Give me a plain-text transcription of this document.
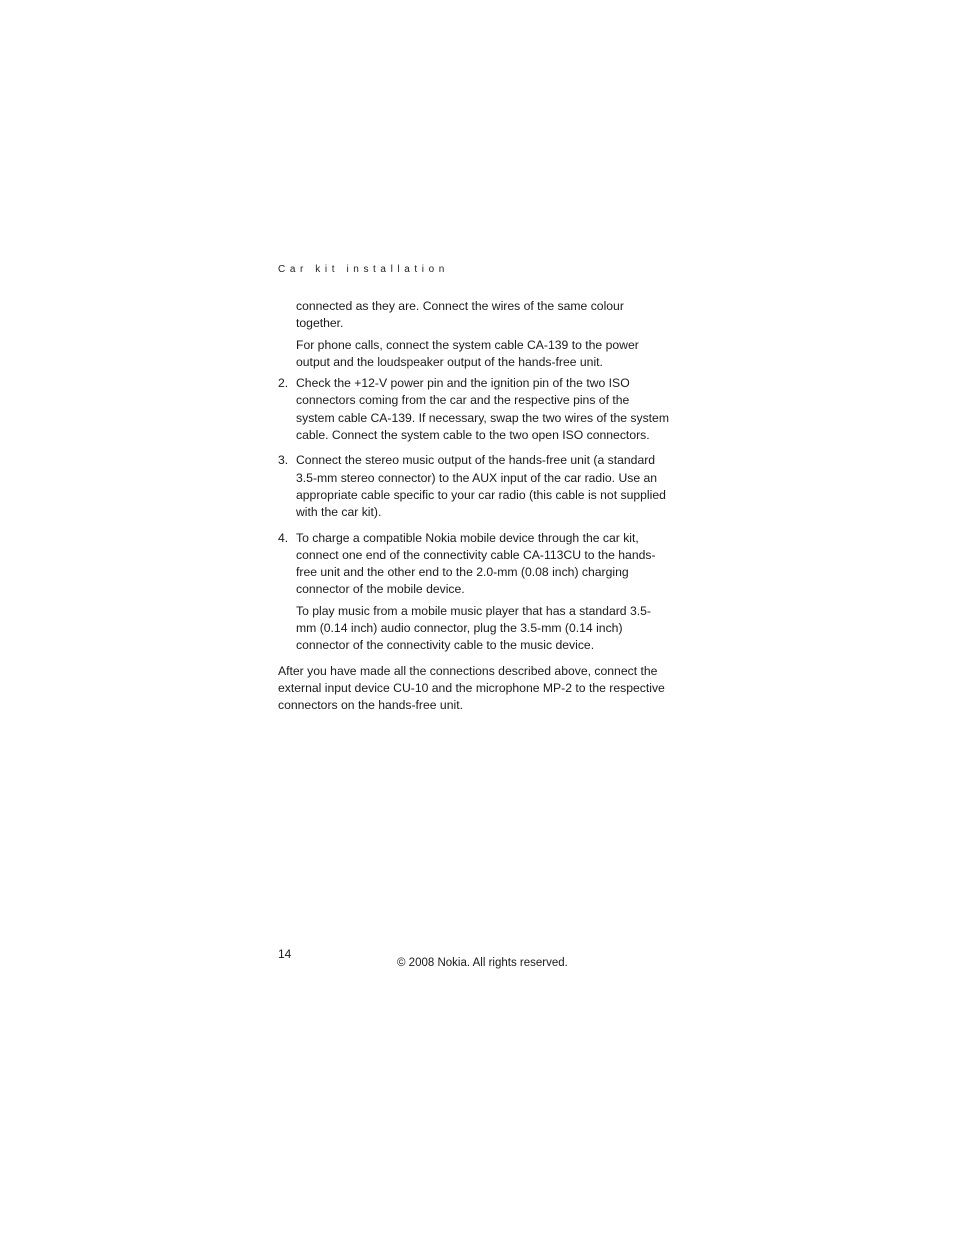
Car kit installation

connected as they are. Connect the wires of the same colour together.

For phone calls, connect the system cable CA-139 to the power output and the loudspeaker output of the hands-free unit.

2. Check the +12-V power pin and the ignition pin of the two ISO connectors coming from the car and the respective pins of the system cable CA-139. If necessary, swap the two wires of the system cable. Connect the system cable to the two open ISO connectors.

3. Connect the stereo music output of the hands-free unit (a standard 3.5-mm stereo connector) to the AUX input of the car radio. Use an appropriate cable specific to your car radio (this cable is not supplied with the car kit).

4. To charge a compatible Nokia mobile device through the car kit, connect one end of the connectivity cable CA-113CU to the hands-free unit and the other end to the 2.0-mm (0.08 inch) charging connector of the mobile device.

To play music from a mobile music player that has a standard 3.5-mm (0.14 inch) audio connector, plug the 3.5-mm (0.14 inch) connector of the connectivity cable to the music device.

After you have made all the connections described above, connect the external input device CU-10 and the microphone MP-2 to the respective connectors on the hands-free unit.

14
© 2008 Nokia. All rights reserved.
